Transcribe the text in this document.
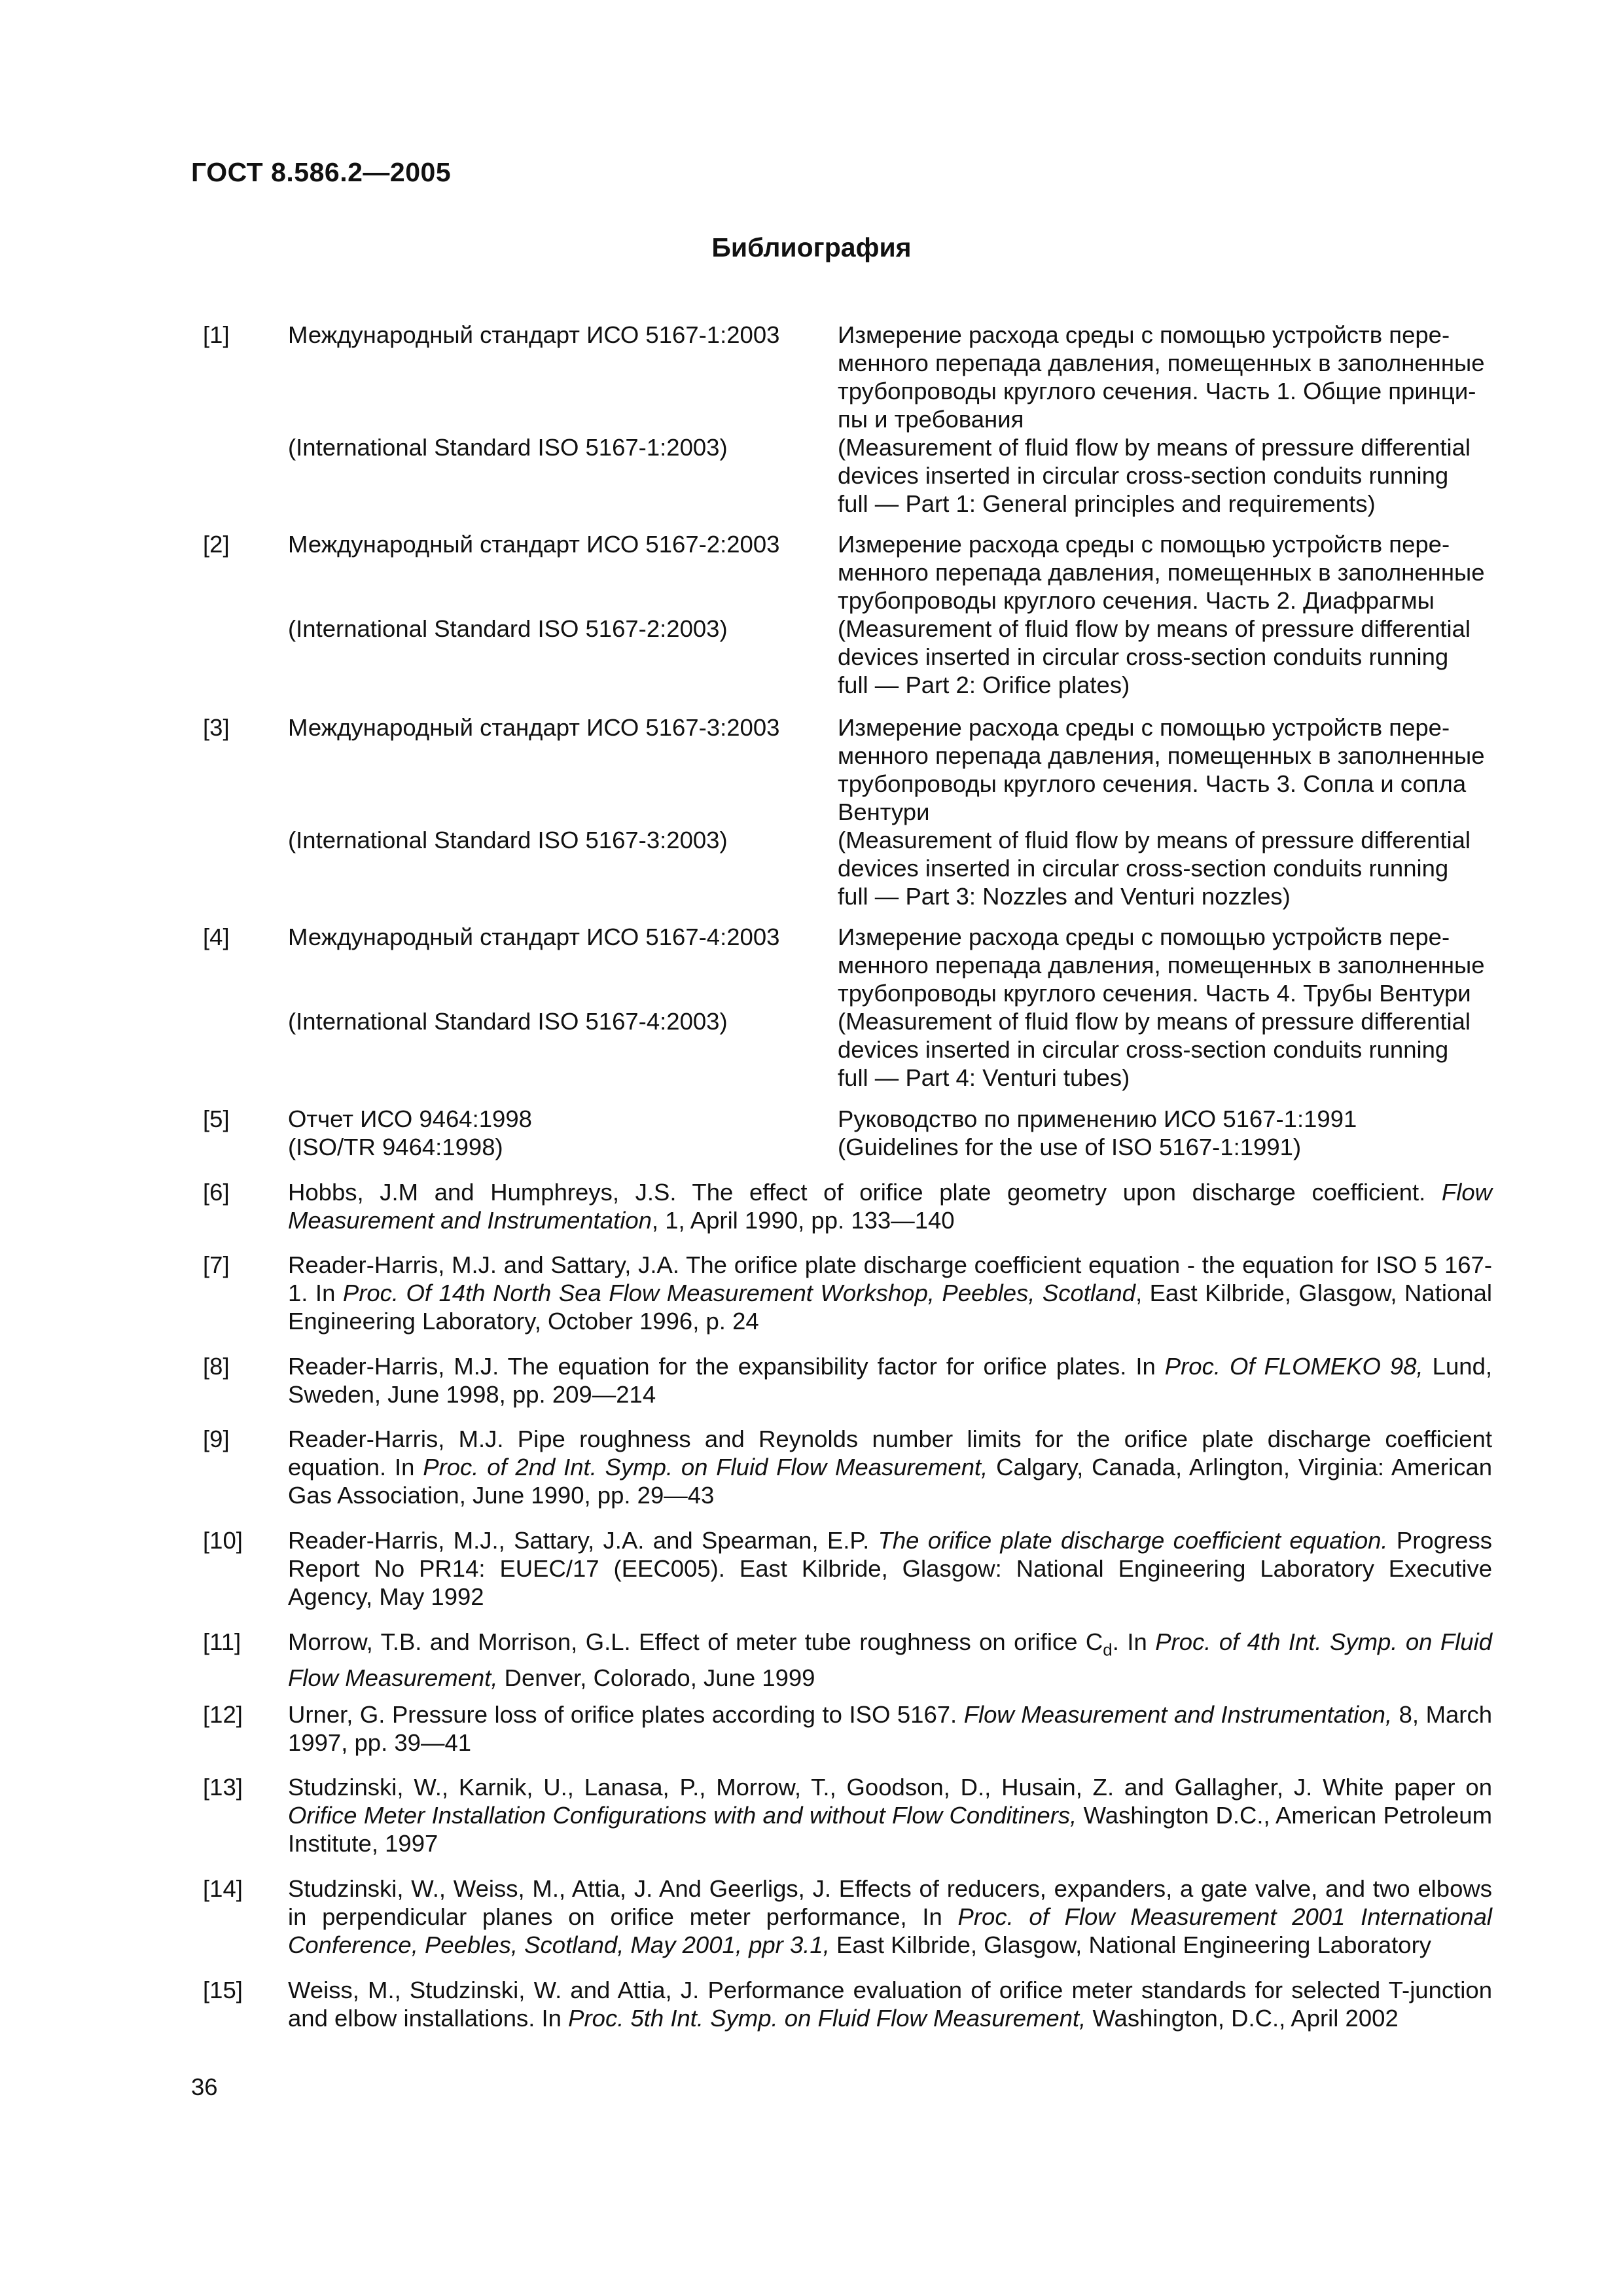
ГОСТ 8.586.2—2005
Библиография
[1] Международный стандарт ИСО 5167-1:2003
(International Standard ISO 5167-1:2003)
Измерение расхода среды с помощью устройств пере-
менного перепада давления, помещенных в заполненные
трубопроводы круглого сечения. Часть 1. Общие принци-
пы и требования
(Measurement of fluid flow by means of pressure differential
devices inserted in circular cross-section conduits running
full — Part 1: General principles and requirements)
[2] Международный стандарт ИСО 5167-2:2003
(International Standard ISO 5167-2:2003)
Измерение расхода среды с помощью устройств пере-
менного перепада давления, помещенных в заполненные
трубопроводы круглого сечения. Часть 2. Диафрагмы
(Measurement of fluid flow by means of pressure differential
devices inserted in circular cross-section conduits running
full — Part 2: Orifice plates)
[3] Международный стандарт ИСО 5167-3:2003
(International Standard ISO 5167-3:2003)
Измерение расхода среды с помощью устройств пере-
менного перепада давления, помещенных в заполненные
трубопроводы круглого сечения. Часть 3. Сопла и сопла
Вентури
(Measurement of fluid flow by means of pressure differential
devices inserted in circular cross-section conduits running
full — Part 3: Nozzles and Venturi nozzles)
[4] Международный стандарт ИСО 5167-4:2003
(International Standard ISO 5167-4:2003)
Измерение расхода среды с помощью устройств пере-
менного перепада давления, помещенных в заполненные
трубопроводы круглого сечения. Часть 4. Трубы Вентури
(Measurement of fluid flow by means of pressure differential
devices inserted in circular cross-section conduits running
full — Part 4: Venturi tubes)
[5] Отчет ИСО 9464:1998
(ISO/TR 9464:1998)
Руководство по применению ИСО 5167-1:1991
(Guidelines for the use of ISO 5167-1:1991)
[6] Hobbs, J.M and Humphreys, J.S. The effect of orifice plate geometry upon discharge coefficient. Flow Measurement and Instrumentation, 1, April 1990, pp. 133—140
[7] Reader-Harris, M.J. and Sattary, J.A. The orifice plate discharge coefficient equation - the equation for ISO 5 167-1. In Proc. Of 14th North Sea Flow Measurement Workshop, Peebles, Scotland, East Kilbride, Glasgow, National Engineering Laboratory, October 1996, p. 24
[8] Reader-Harris, M.J. The equation for the expansibility factor for orifice plates. In Proc. Of FLOMEKO 98, Lund, Sweden, June 1998, pp. 209—214
[9] Reader-Harris, M.J. Pipe roughness and Reynolds number limits for the orifice plate discharge coefficient equation. In Proc. of 2nd Int. Symp. on Fluid Flow Measurement, Calgary, Canada, Arlington, Virginia: American Gas Association, June 1990, pp. 29—43
[10] Reader-Harris, M.J., Sattary, J.A. and Spearman, E.P. The orifice plate discharge coefficient equation. Progress Report No PR14: EUEC/17 (EEC005). East Kilbride, Glasgow: National Engineering Laboratory Executive Agency, May 1992
[11] Morrow, T.B. and Morrison, G.L. Effect of meter tube roughness on orifice $C_d$. In Proc. of 4th Int. Symp. on Fluid Flow Measurement, Denver, Colorado, June 1999
[12] Urner, G. Pressure loss of orifice plates according to ISO 5167. Flow Measurement and Instrumentation, 8, March 1997, pp. 39—41
[13] Studzinski, W., Karnik, U., Lanasa, P., Morrow, T., Goodson, D., Husain, Z. and Gallagher, J. White paper on Orifice Meter Installation Configurations with and without Flow Conditiners, Washington D.C., American Petroleum Institute, 1997
[14] Studzinski, W., Weiss, M., Attia, J. And Geerligs, J. Effects of reducers, expanders, a gate valve, and two elbows in perpendicular planes on orifice meter performance, In Proc. of Flow Measurement 2001 International Conference, Peebles, Scotland, May 2001, ppr 3.1, East Kilbride, Glasgow, National Engineering Laboratory
[15] Weiss, M., Studzinski, W. and Attia, J. Performance evaluation of orifice meter standards for selected T-junction and elbow installations. In Proc. 5th Int. Symp. on Fluid Flow Measurement, Washington, D.C., April 2002
36
